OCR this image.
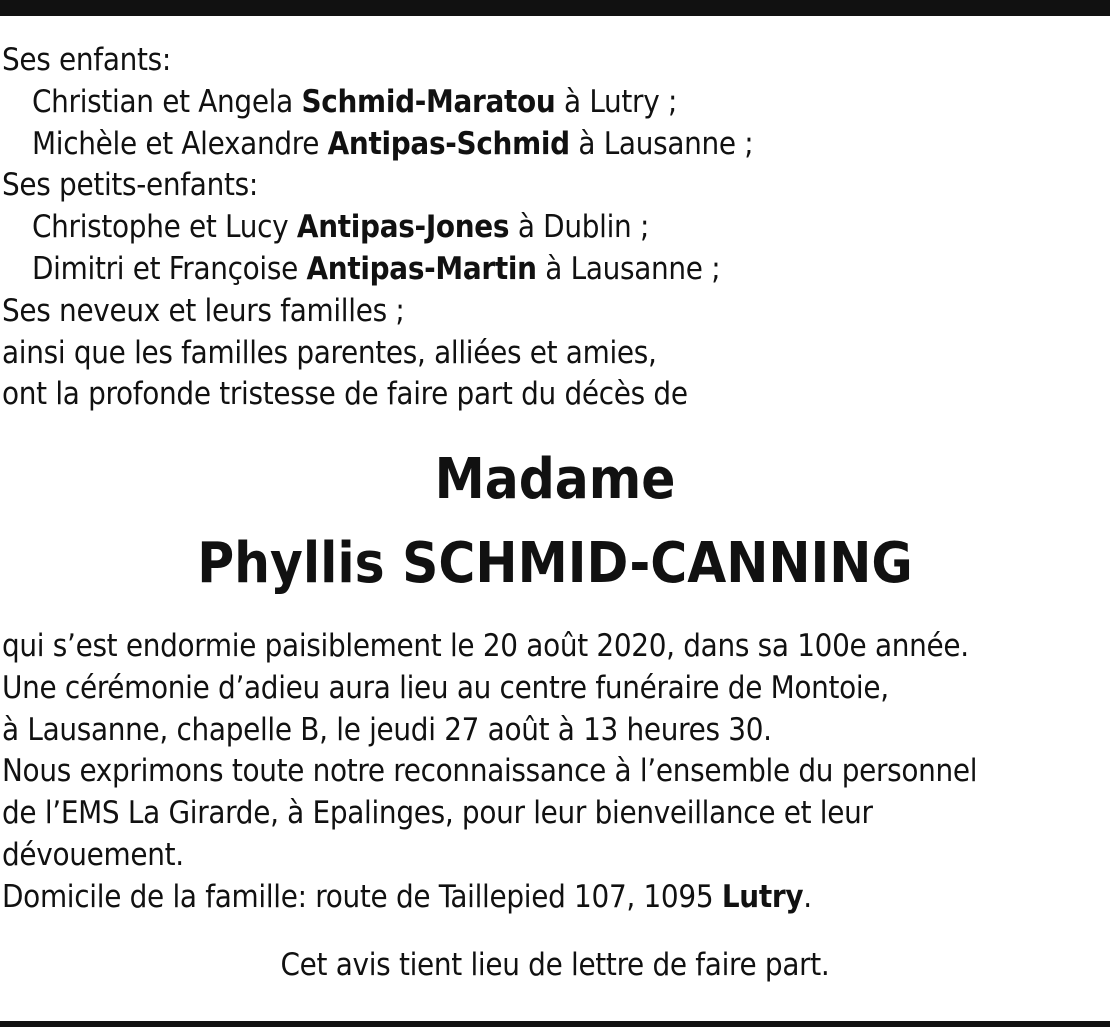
Ses enfants:
Christian et Angela Schmid-Maratou à Lutry ;
Michèle et Alexandre Antipas-Schmid à Lausanne ;
Ses petits-enfants:
Christophe et Lucy Antipas-Jones à Dublin ;
Dimitri et Françoise Antipas-Martin à Lausanne ;
Ses neveux et leurs familles ;
ainsi que les familles parentes, alliées et amies,
ont la profonde tristesse de faire part du décès de
Madame
Phyllis SCHMID-CANNING
qui s’est endormie paisiblement le 20 août 2020, dans sa 100e année.
Une cérémonie d’adieu aura lieu au centre funéraire de Montoie,
à Lausanne, chapelle B, le jeudi 27 août à 13 heures 30.
Nous exprimons toute notre reconnaissance à l’ensemble du personnel
de l’EMS La Girarde, à Epalinges, pour leur bienveillance et leur
dévouement.
Domicile de la famille: route de Taillepied 107, 1095 Lutry.
Cet avis tient lieu de lettre de faire part.
